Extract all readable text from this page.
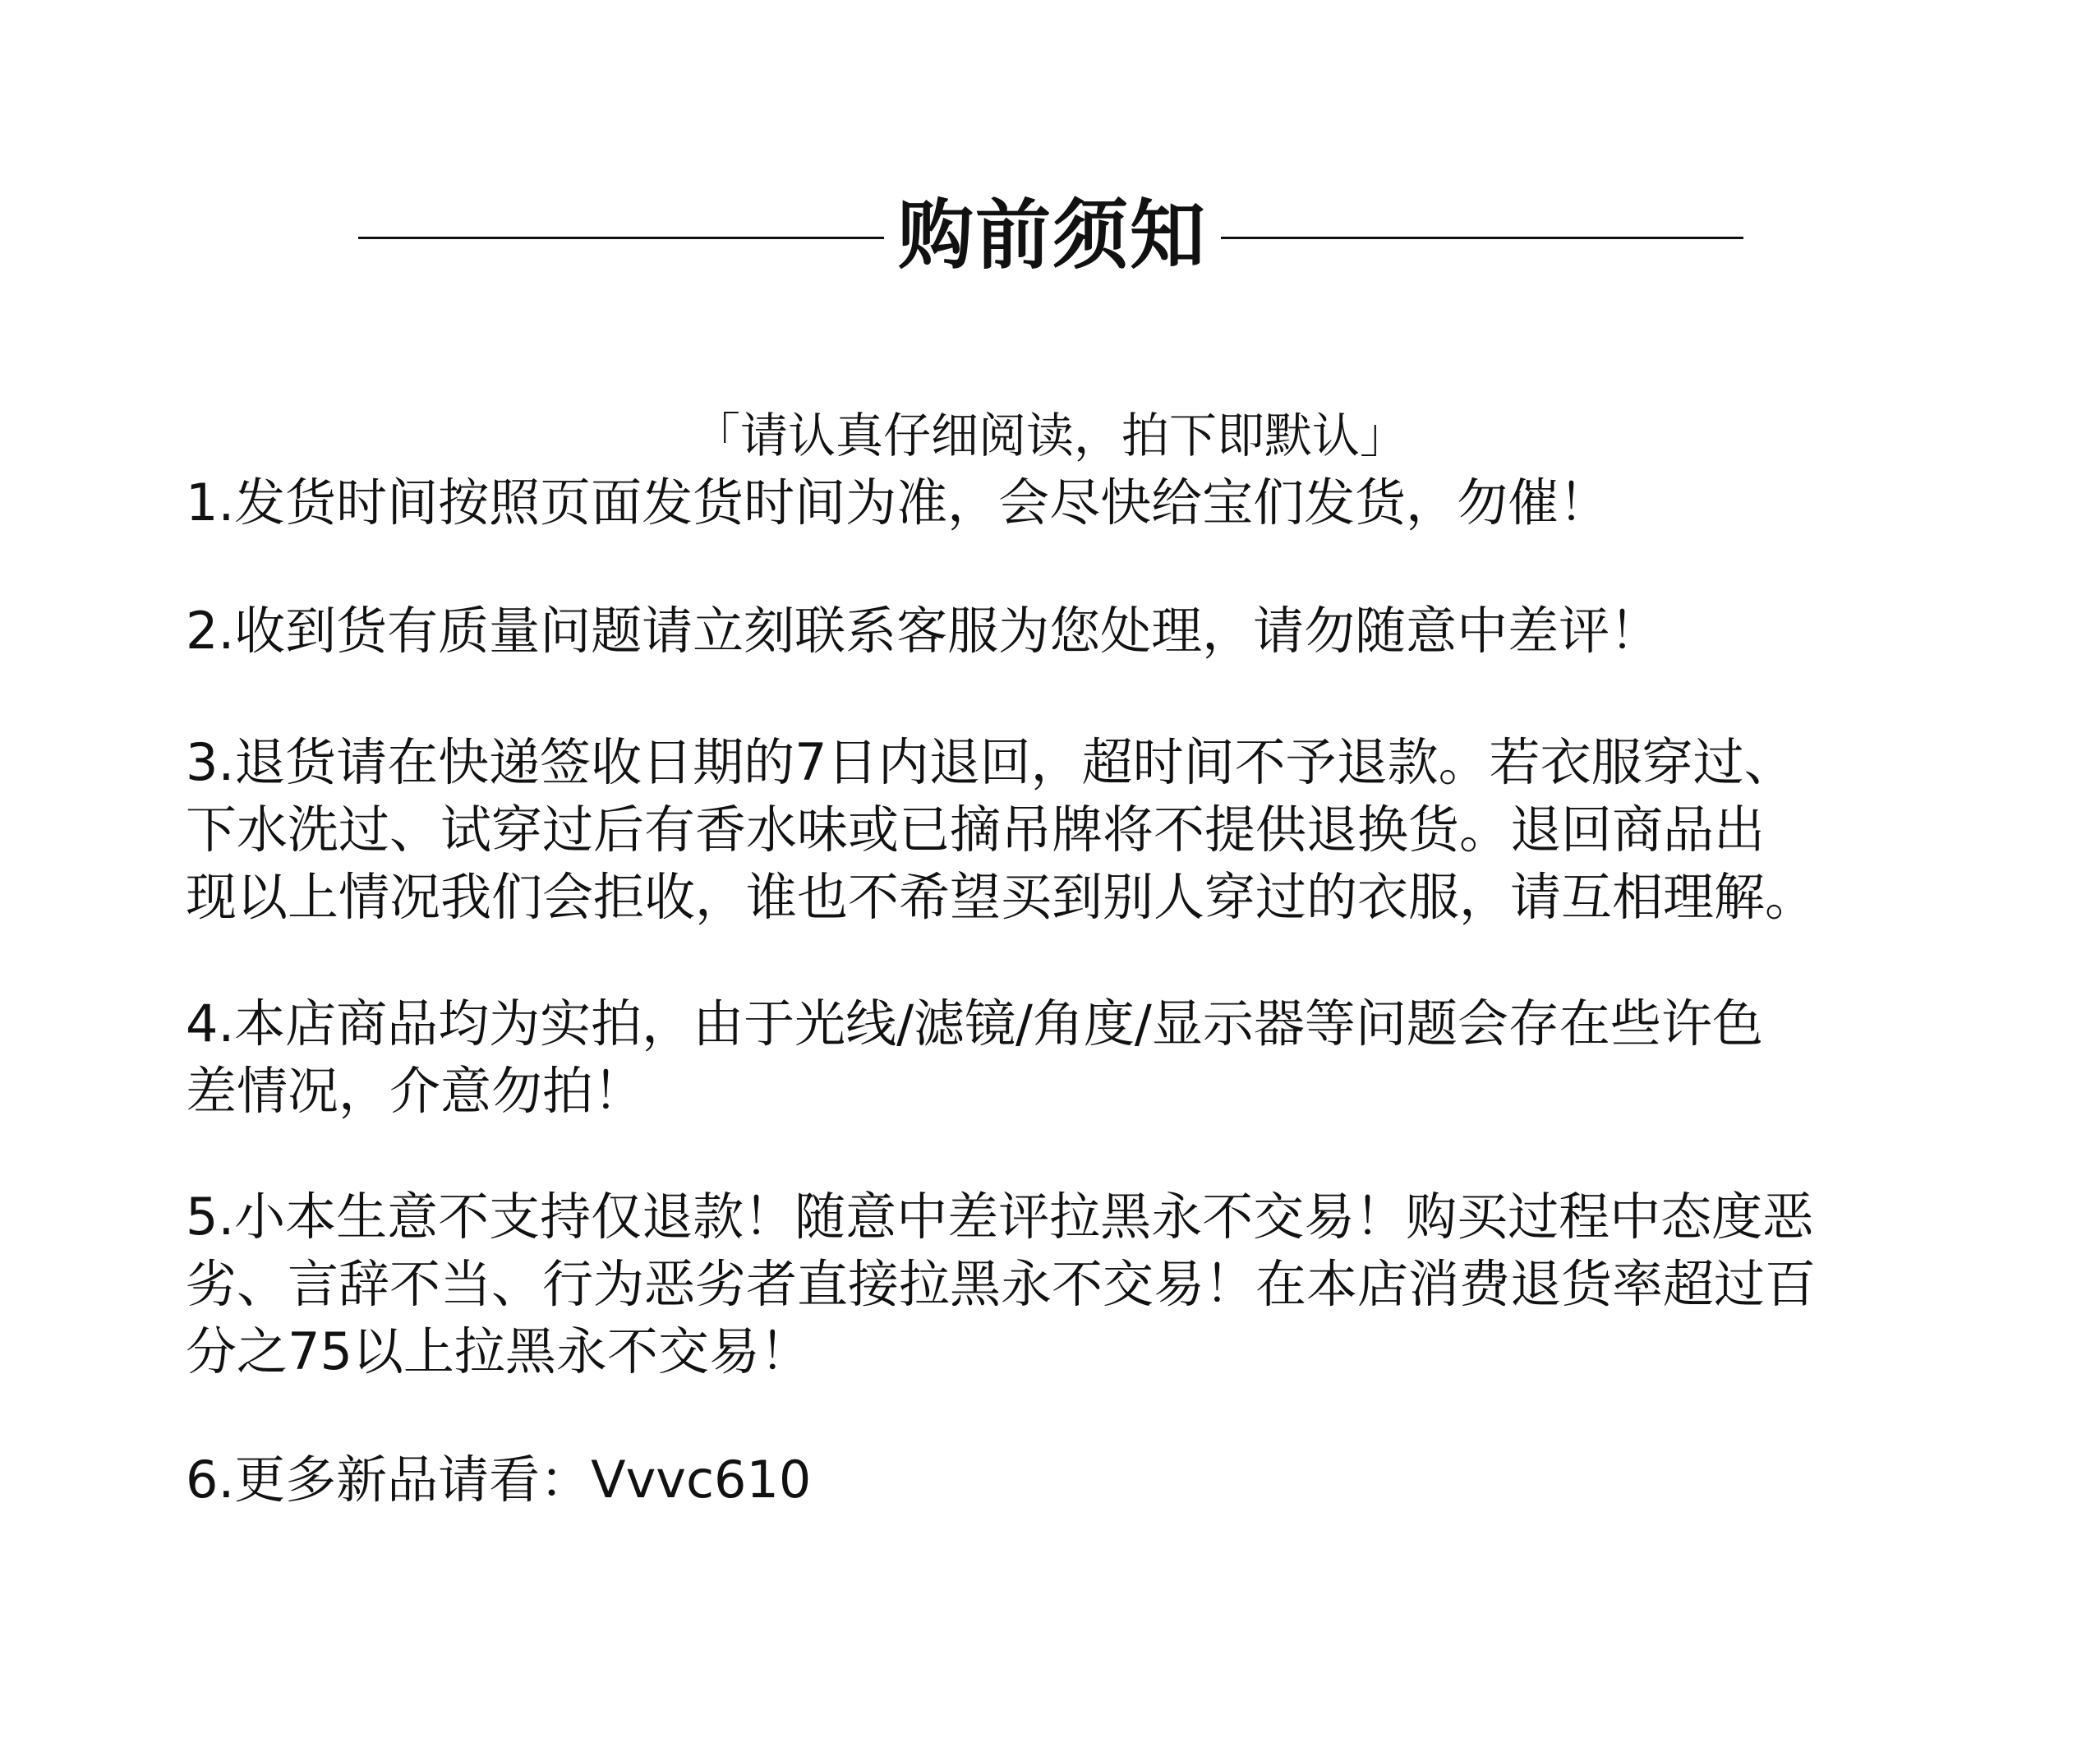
购前须知
「请认真仔细阅读，拍下即默认」
1.发货时间按照页面发货时间为准，会尽快给宝们发货，勿催！
2.收到货有质量问题请立刻联系客服为您处理，请勿随意中差评！
3.退货请在快递签收日期的7日内退回，超时间不予退款。若衣服穿过、
下水洗过、试穿过后有香水味或已摘吊牌将不提供退换货。退回商品出
现以上情况我们会拒收，谁也不希望买到别人穿过的衣服，请互相理解。
4.本店商品均为实拍，由于光线/滤镜/角度/显示器等问题会存在些许色
差情况，介意勿拍！
5.小本生意不支持仅退款！随意中差评拉黑永不交易！购买过程中态度恶
劣、言辞不当、行为恶劣者直接拉黑永不交易！在本店消费退货率超过百
分之75以上拉黑永不交易！
6.更多新品请看：Vvvc610
